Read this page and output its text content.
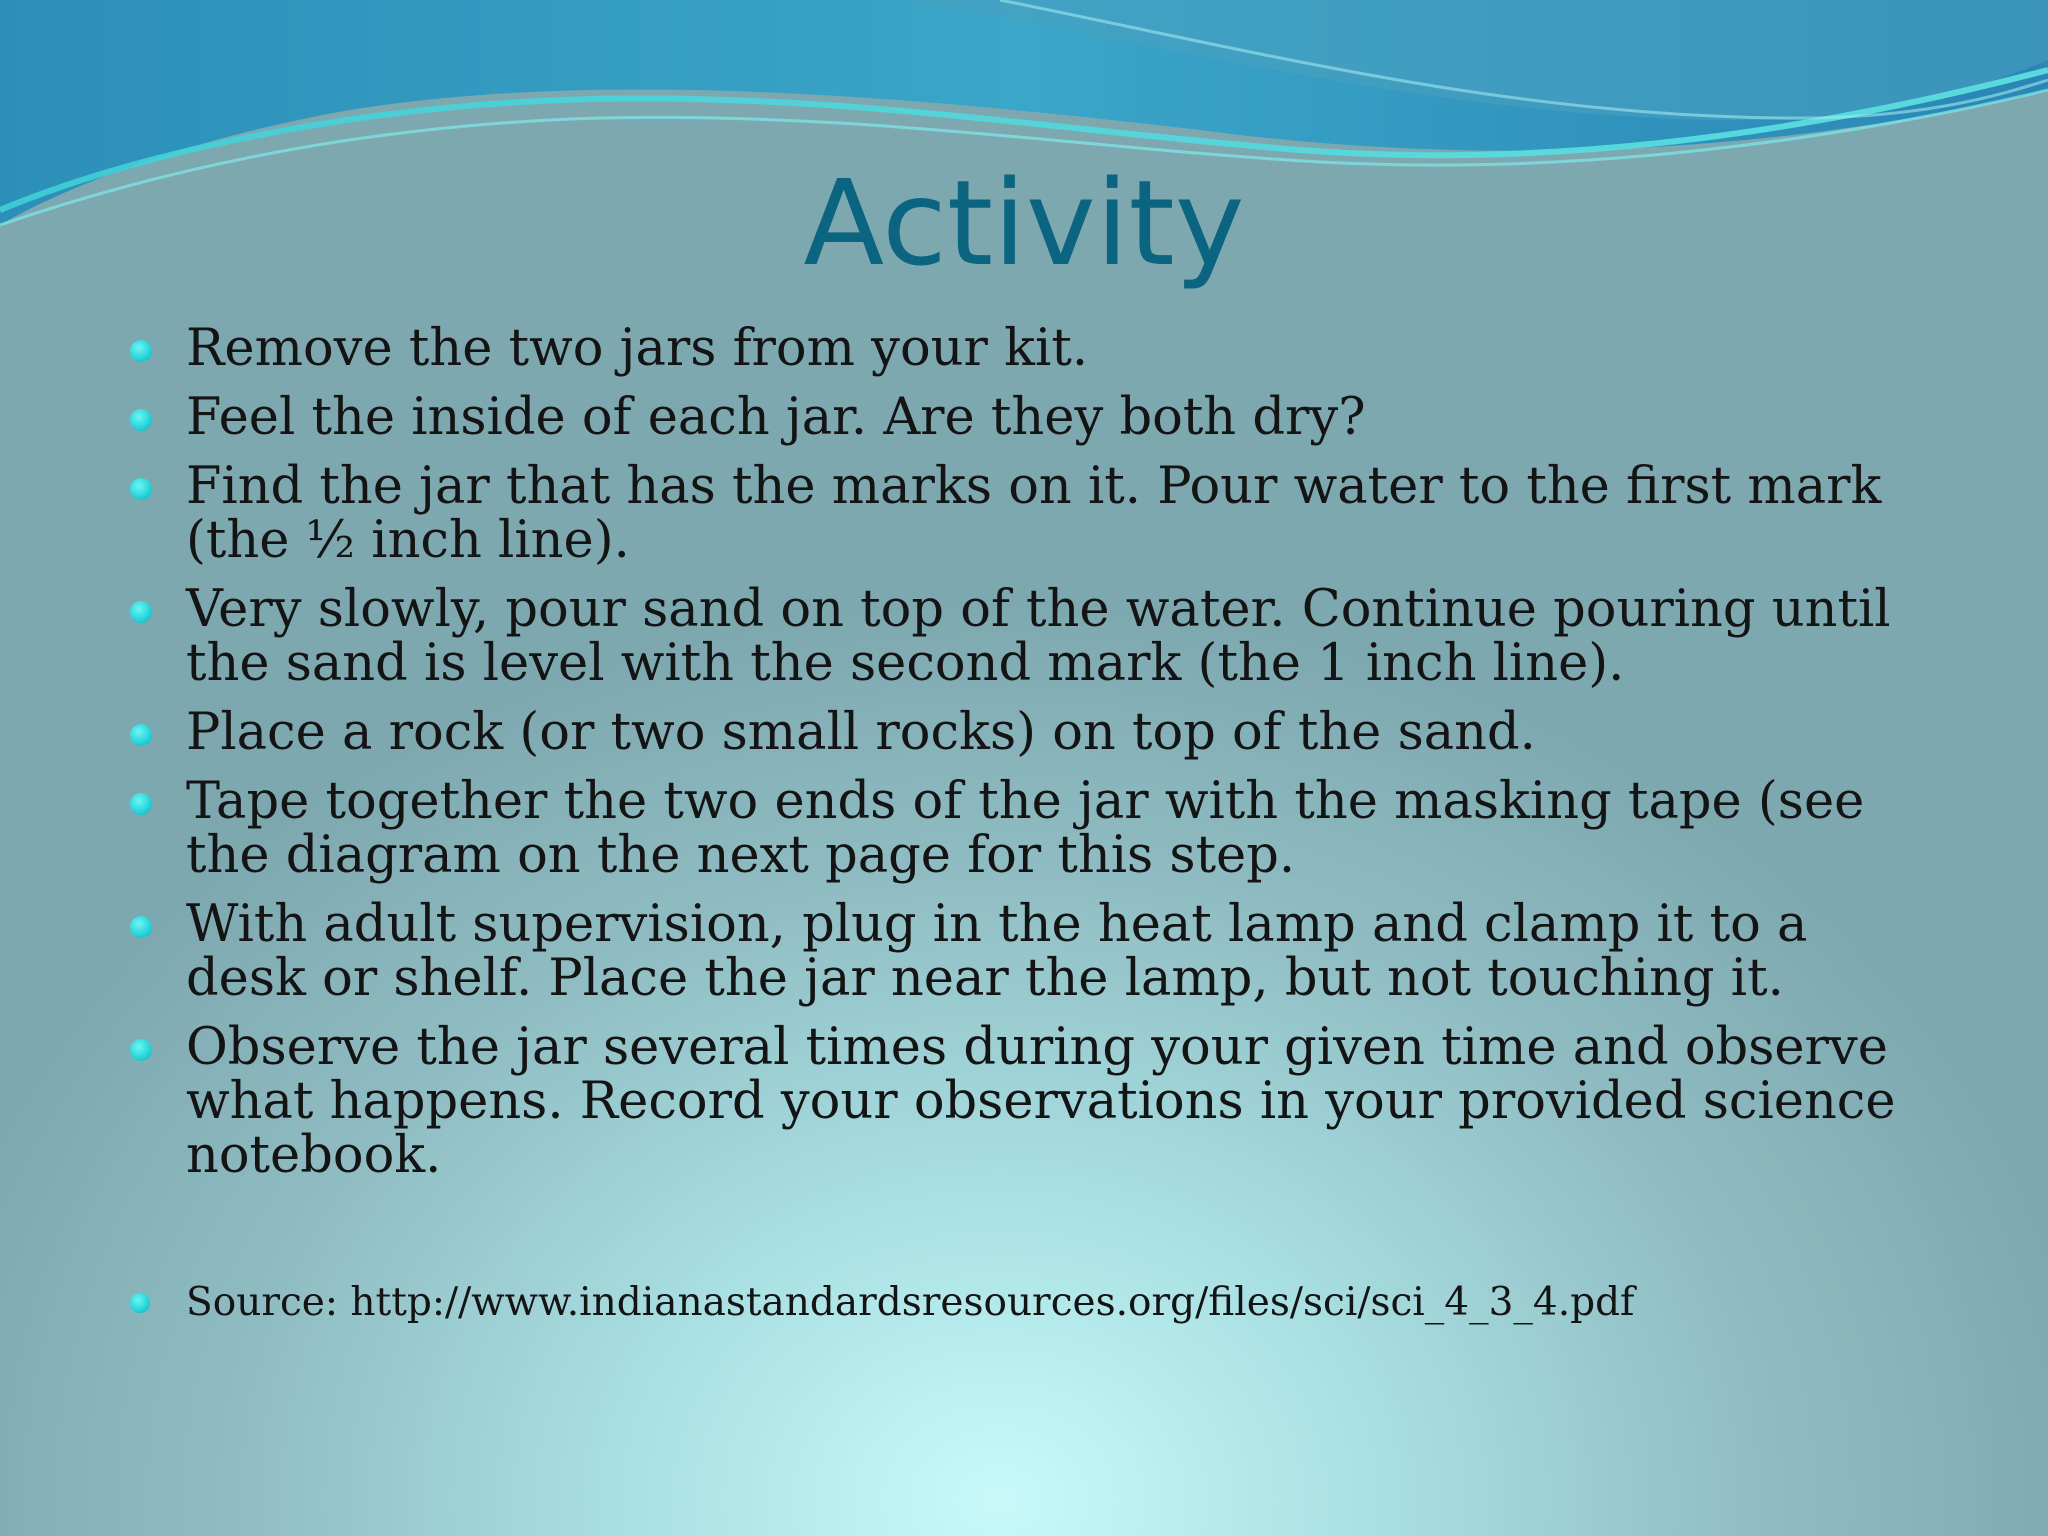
Activity
Remove the two jars from your kit.
Feel the inside of each jar. Are they both dry?
Find the jar that has the marks on it. Pour water to the first mark (the ½ inch line).
Very slowly, pour sand on top of the water. Continue pouring until the sand is level with the second mark (the 1 inch line).
Place a rock (or two small rocks) on top of the sand.
Tape together the two ends of the jar with the masking tape (see the diagram on the next page for this step.
With adult supervision, plug in the heat lamp and clamp it to a desk or shelf. Place the jar near the lamp, but not touching it.
Observe the jar several times during your given time and observe what happens. Record your observations in your provided science notebook.
Source: http://www.indianastandardsresources.org/files/sci/sci_4_3_4.pdf
